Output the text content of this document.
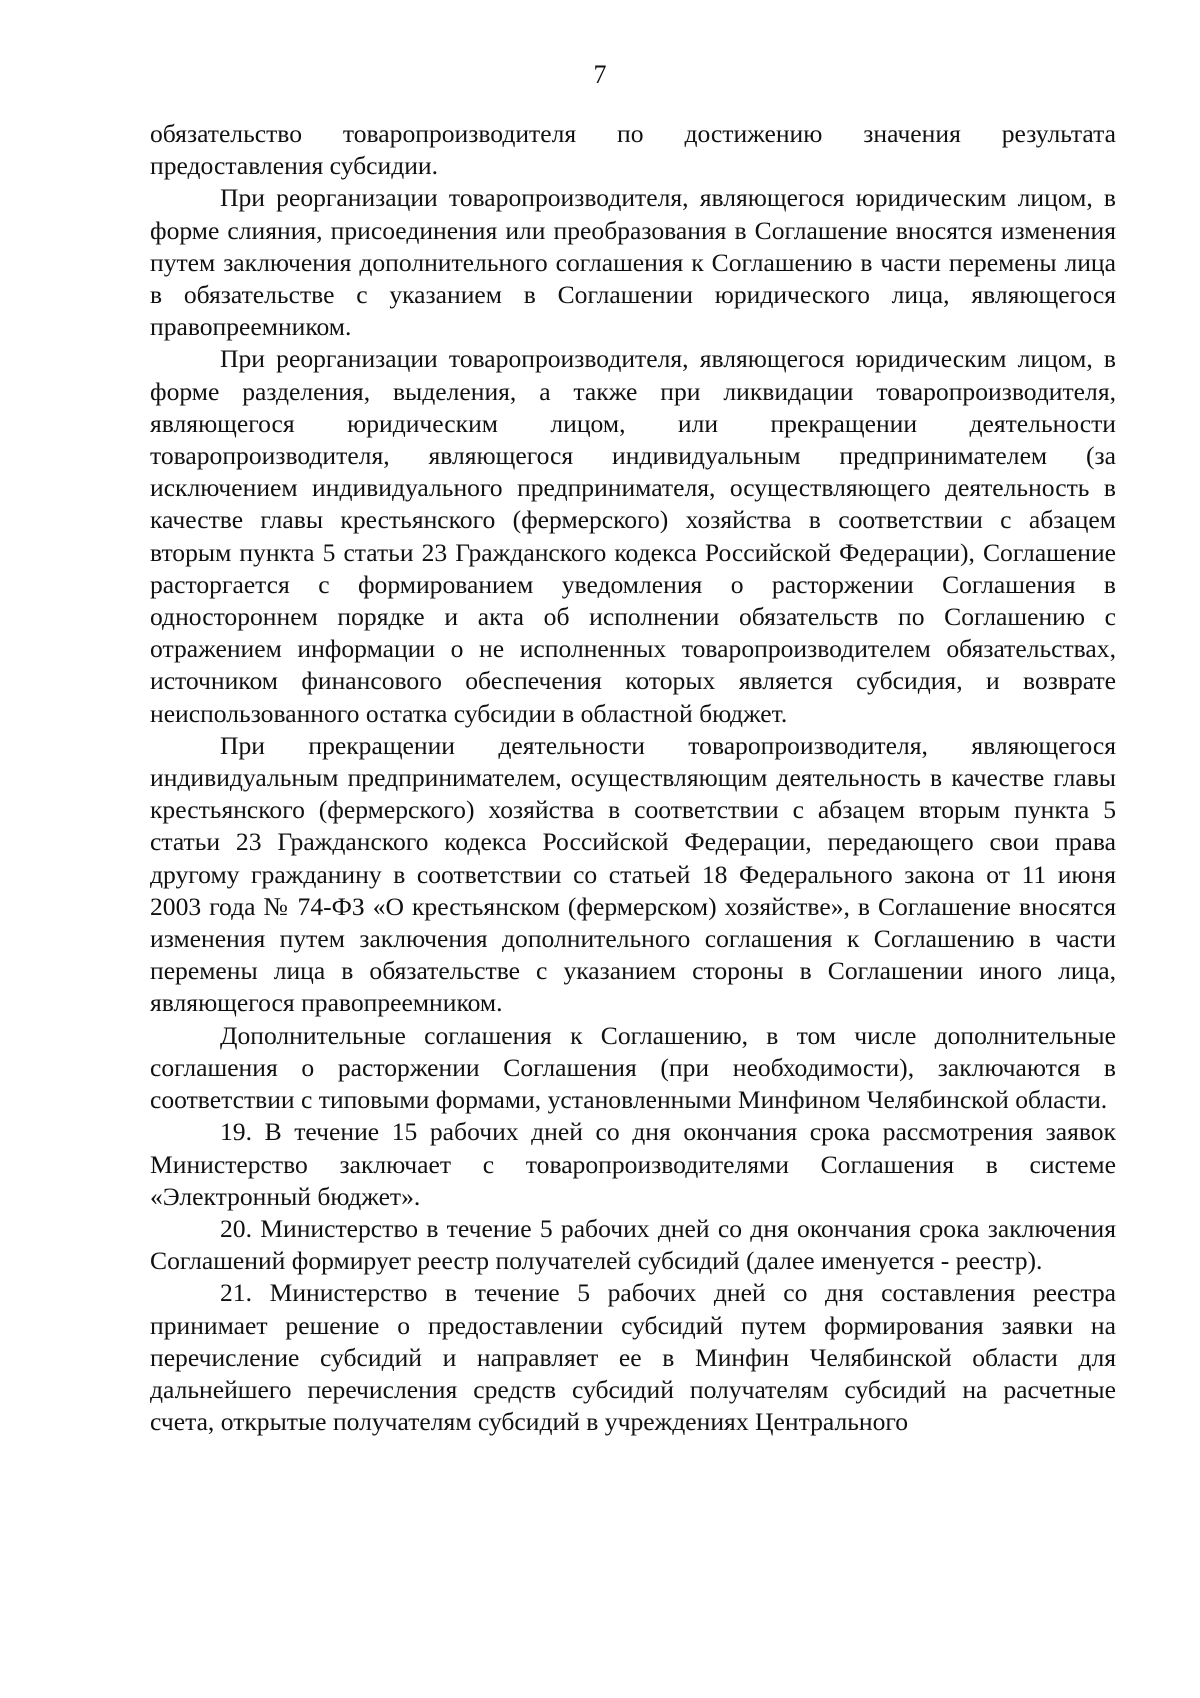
7

обязательство товаропроизводителя по достижению значения результата предоставления субсидии.

При реорганизации товаропроизводителя, являющегося юридическим лицом, в форме слияния, присоединения или преобразования в Соглашение вносятся изменения путем заключения дополнительного соглашения к Соглашению в части перемены лица в обязательстве с указанием в Соглашении юридического лица, являющегося правопреемником.

При реорганизации товаропроизводителя, являющегося юридическим лицом, в форме разделения, выделения, а также при ликвидации товаропроизводителя, являющегося юридическим лицом, или прекращении деятельности товаропроизводителя, являющегося индивидуальным предпринимателем (за исключением индивидуального предпринимателя, осуществляющего деятельность в качестве главы крестьянского (фермерского) хозяйства в соответствии с абзацем вторым пункта 5 статьи 23 Гражданского кодекса Российской Федерации), Соглашение расторгается с формированием уведомления о расторжении Соглашения в одностороннем порядке и акта об исполнении обязательств по Соглашению с отражением информации о не исполненных товаропроизводителем обязательствах, источником финансового обеспечения которых является субсидия, и возврате неиспользованного остатка субсидии в областной бюджет.

При прекращении деятельности товаропроизводителя, являющегося индивидуальным предпринимателем, осуществляющим деятельность в качестве главы крестьянского (фермерского) хозяйства в соответствии с абзацем вторым пункта 5 статьи 23 Гражданского кодекса Российской Федерации, передающего свои права другому гражданину в соответствии со статьей 18 Федерального закона от 11 июня 2003 года № 74-ФЗ «О крестьянском (фермерском) хозяйстве», в Соглашение вносятся изменения путем заключения дополнительного соглашения к Соглашению в части перемены лица в обязательстве с указанием стороны в Соглашении иного лица, являющегося правопреемником.

Дополнительные соглашения к Соглашению, в том числе дополнительные соглашения о расторжении Соглашения (при необходимости), заключаются в соответствии с типовыми формами, установленными Минфином Челябинской области.

19. В течение 15 рабочих дней со дня окончания срока рассмотрения заявок Министерство заключает с товаропроизводителями Соглашения в системе «Электронный бюджет».

20. Министерство в течение 5 рабочих дней со дня окончания срока заключения Соглашений формирует реестр получателей субсидий (далее именуется - реестр).

21. Министерство в течение 5 рабочих дней со дня составления реестра принимает решение о предоставлении субсидий путем формирования заявки на перечисление субсидий и направляет ее в Минфин Челябинской области для дальнейшего перечисления средств субсидий получателям субсидий на расчетные счета, открытые получателям субсидий в учреждениях Центрального
